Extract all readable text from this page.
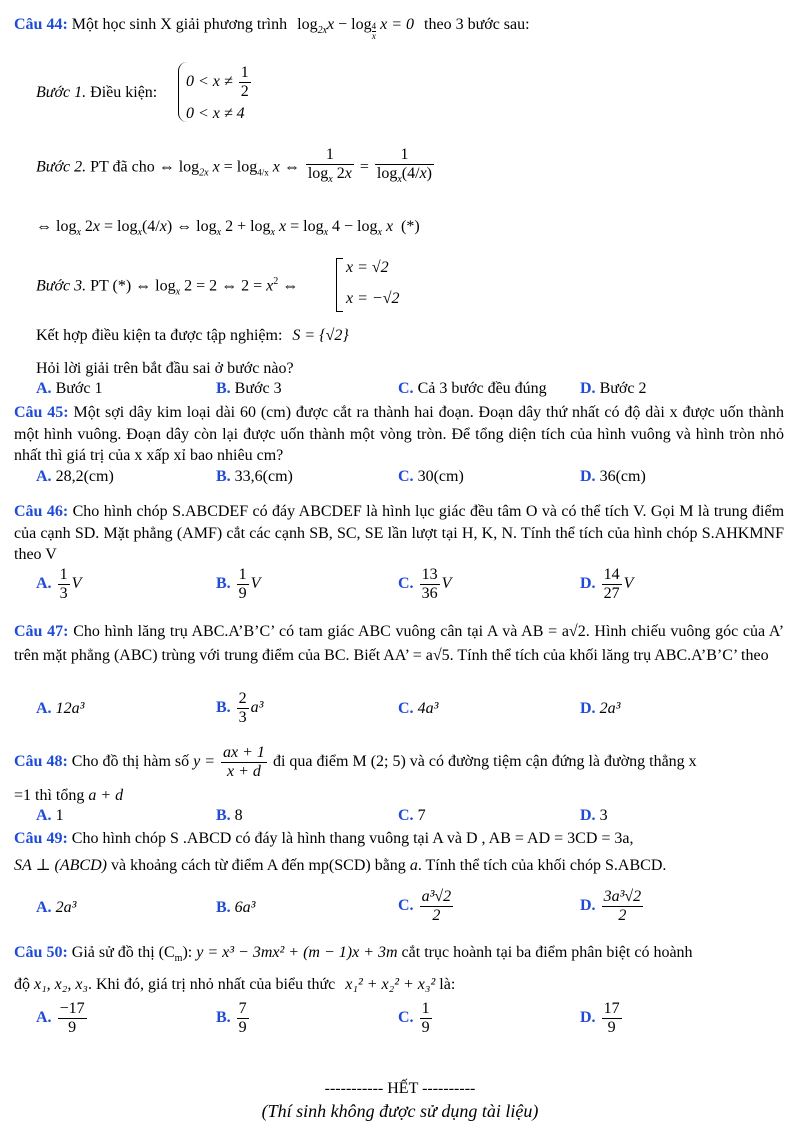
Câu 44: Một học sinh X giải phương trình $\log_{2x}x - \log _{\frac{4}{x}}$ x = 0 theo 3 bước sau:
Bước 1. Điều kiện:
$0 < x \ne \frac{1}{2}$
0 < x ≠ 4
Bước 2. PT đã cho ⇔ $\log_{2x} x = \log_{4/x} x$ ⇔ $\frac{1}{\log_x 2x} = \frac{1}{\log_x(4/x)}$
⇔ $\log_x 2x = \log_x(4/x)$ ⇔ $\log_x 2 + \log_x x = \log_x 4 - \log_x x$  (*)
Bước 3. PT (*) ⇔ $\log_x 2 = 2$ ⇔ $2 = x^2$ ⇔
x = √2
x = −√2
Kết hợp điều kiện ta được tập nghiệm: S = {√2}
Hỏi lời giải trên bắt đầu sai ở bước nào?
A. Bước 1	B. Bước 3	C. Cả 3 bước đều đúng D. Bước 2
Câu 45: Một sợi dây kim loại dài 60 (cm) được cắt ra thành hai đoạn. Đoạn dây thứ nhất có độ dài x được uốn thành một hình vuông. Đoạn dây còn lại được uốn thành một vòng tròn. Để tổng diện tích của hình vuông và hình tròn nhỏ nhất thì giá trị của x xấp xỉ bao nhiêu cm?
A. 28,2(cm)	B. 33,6(cm)	C. 30(cm)	D. 36(cm)
Câu 46: Cho hình chóp S.ABCDEF có đáy ABCDEF là hình lục giác đều tâm O và có thể tích V. Gọi M là trung điểm của cạnh SD. Mặt phẳng (AMF) cắt các cạnh SB, SC, SE lần lượt tại H, K, N. Tính thể tích của hình chóp S.AHKMNF theo V
A. $\frac{1}{3}$ V	B. $\frac{1}{9}$ V	C. $\frac{13}{36}$ V	D. $\frac{14}{27}$ V
Câu 47: Cho hình lăng trụ ABC.A’B’C’ có tam giác ABC vuông cân tại A và AB = a√2. Hình chiếu vuông góc của A’ trên mặt phẳng (ABC) trùng với trung điểm của BC. Biết AA’ = a√5. Tính thể tích của khối lăng trụ ABC.A’B’C’ theo
A. 12a³	B. $\frac{2}{3} a^3$	C. 4a³	D. 2a³
Câu 48: Cho đồ thị hàm số $y = \frac{ax + 1}{x + d}$ đi qua điểm M (2; 5) và có đường tiệm cận đứng là đường thẳng x
=1 thì tổng a + d
A. 1	B. 8	C. 7	D. 3
Câu 49: Cho hình chóp S .ABCD có đáy là hình thang vuông tại A và D , AB = AD = 3CD = 3a,
SA ⊥ (ABCD) và khoảng cách từ điểm A đến mp(SCD) bằng a. Tính thể tích của khối chóp S.ABCD.
A. 2a³	B. 6a³	C. $\frac{\text{a³√2}}{2}$	D. $\frac{\text{3a³√2}}{2}$
Câu 50: Giả sử đồ thị $(C_m)$: y = x³ − 3mx² + (m − 1)x + 3m cắt trục hoành tại ba điểm phân biệt có hoành
độ x₁, x₂, x₃. Khi đó, giá trị nhỏ nhất của biểu thức x₁² + x₂² + x₃² là:
A. $\frac{-17}{9}$	B. $\frac{7}{9}$	C. $\frac{1}{9}$	D. $\frac{17}{9}$
----------- HẾT ----------
(Thí sinh không được sử dụng tài liệu)
